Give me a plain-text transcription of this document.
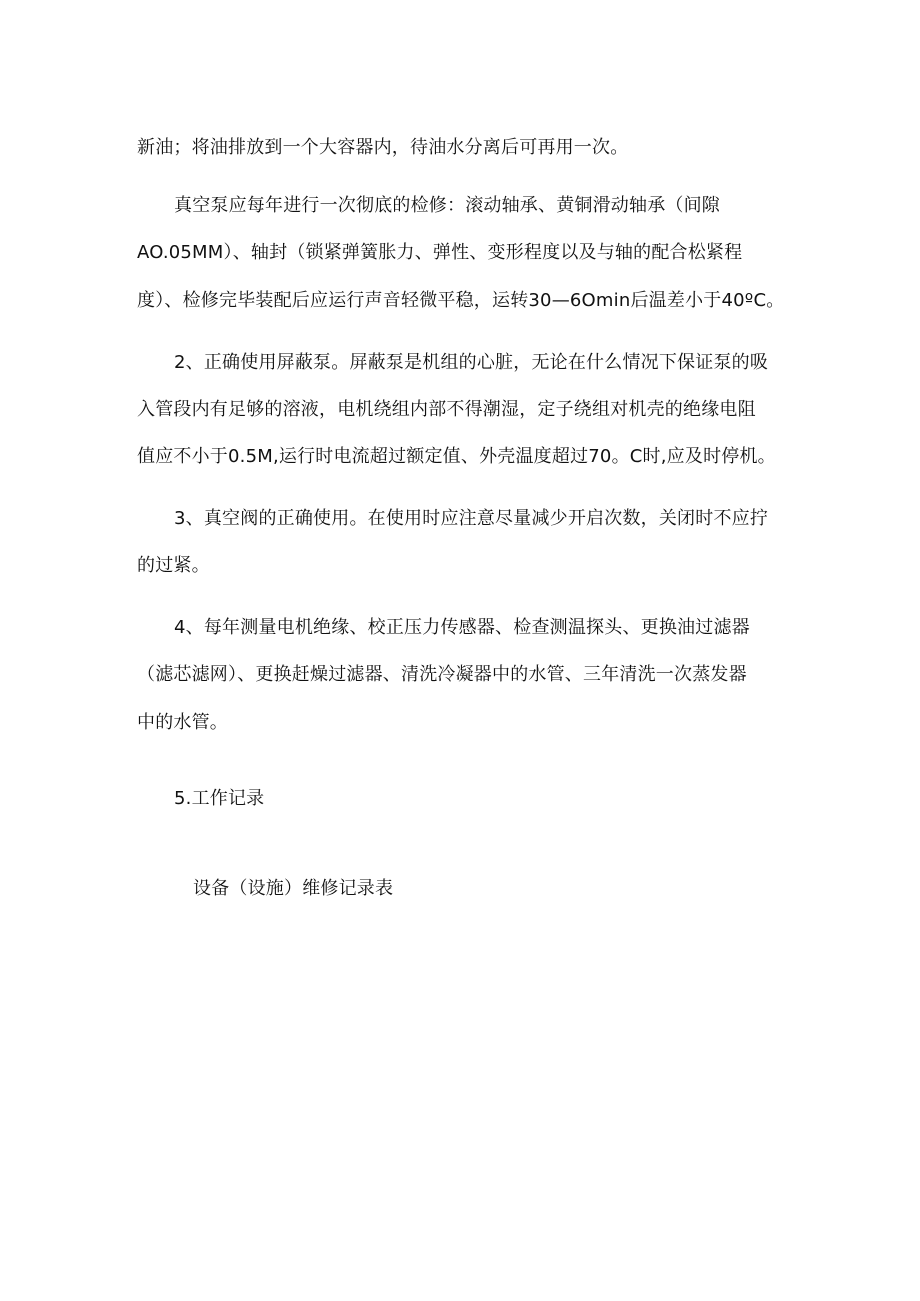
新油；将油排放到一个大容器内，待油水分离后可再用一次。
真空泵应每年进行一次彻底的检修：滚动轴承、黄铜滑动轴承（间隙
AO.05MM）、轴封（锁紧弹簧胀力、弹性、变形程度以及与轴的配合松紧程
度）、检修完毕装配后应运行声音轻微平稳，运转30—6Omin后温差小于40ºC。
2、正确使用屏蔽泵。屏蔽泵是机组的心脏，无论在什么情况下保证泵的吸
入管段内有足够的溶液，电机绕组内部不得潮湿，定子绕组对机壳的绝缘电阻
值应不小于0.5M,运行时电流超过额定值、外壳温度超过70。C时,应及时停机。
3、真空阀的正确使用。在使用时应注意尽量减少开启次数，关闭时不应拧
的过紧。
4、每年测量电机绝缘、校正压力传感器、检查测温探头、更换油过滤器
（滤芯滤网）、更换赶燥过滤器、清洗冷凝器中的水管、三年清洗一次蒸发器
中的水管。
5.工作记录
设备（设施）维修记录表
